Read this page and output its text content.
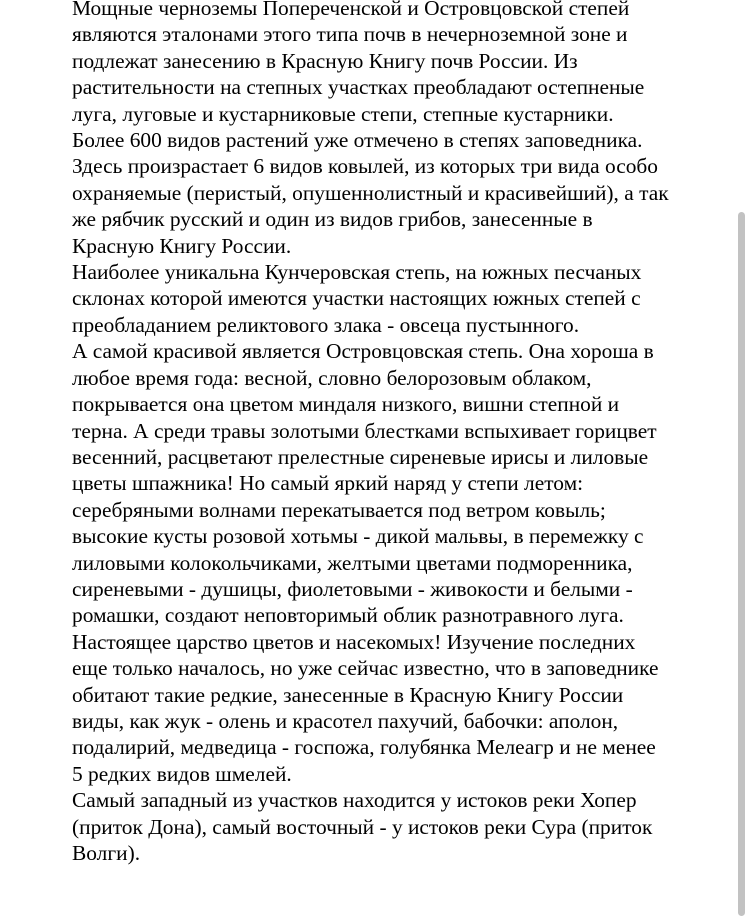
Мощные черноземы Попереченской и Островцовской степей
являются эталонами этого типа почв в нечерноземной зоне и
подлежат занесению в Красную Книгу почв России. Из
растительности на степных участках преобладают остепненые
луга, луговые и кустарниковые степи, степные кустарники.
Более 600 видов растений уже отмечено в степях заповедника.
Здесь произрастает 6 видов ковылей, из которых три вида особо
охраняемые (перистый, опушеннолистный и красивейший), а так
же рябчик русский и один из видов грибов, занесенные в
Красную Книгу России.
Наиболее уникальна Кунчеровская степь, на южных песчаных
склонах которой имеются участки настоящих южных степей с
преобладанием реликтового злака - овсеца пустынного.
А самой красивой является Островцовская степь. Она хороша в
любое время года: весной, словно белорозовым облаком,
покрывается она цветом миндаля низкого, вишни степной и
терна. А среди травы золотыми блестками вспыхивает горицвет
весенний, расцветают прелестные сиреневые ирисы и лиловые
цветы шпажника! Но самый яркий наряд у степи летом:
серебряными волнами перекатывается под ветром ковыль;
высокие кусты розовой хотьмы - дикой мальвы, в перемежку с
лиловыми колокольчиками, желтыми цветами подморенника,
сиреневыми - душицы, фиолетовыми - живокости и белыми -
ромашки, создают неповторимый облик разнотравного луга.
Настоящее царство цветов и насекомых! Изучение последних
еще только началось, но уже сейчас известно, что в заповеднике
обитают такие редкие, занесенные в Красную Книгу России
виды, как жук - олень и красотел пахучий, бабочки: аполон,
подалирий, медведица - госпожа, голубянка Мелеагр и не менее
5 редких видов шмелей.
Самый западный из участков находится у истоков реки Хопер
(приток Дона), самый восточный - у истоков реки Сура (приток
Волги).
